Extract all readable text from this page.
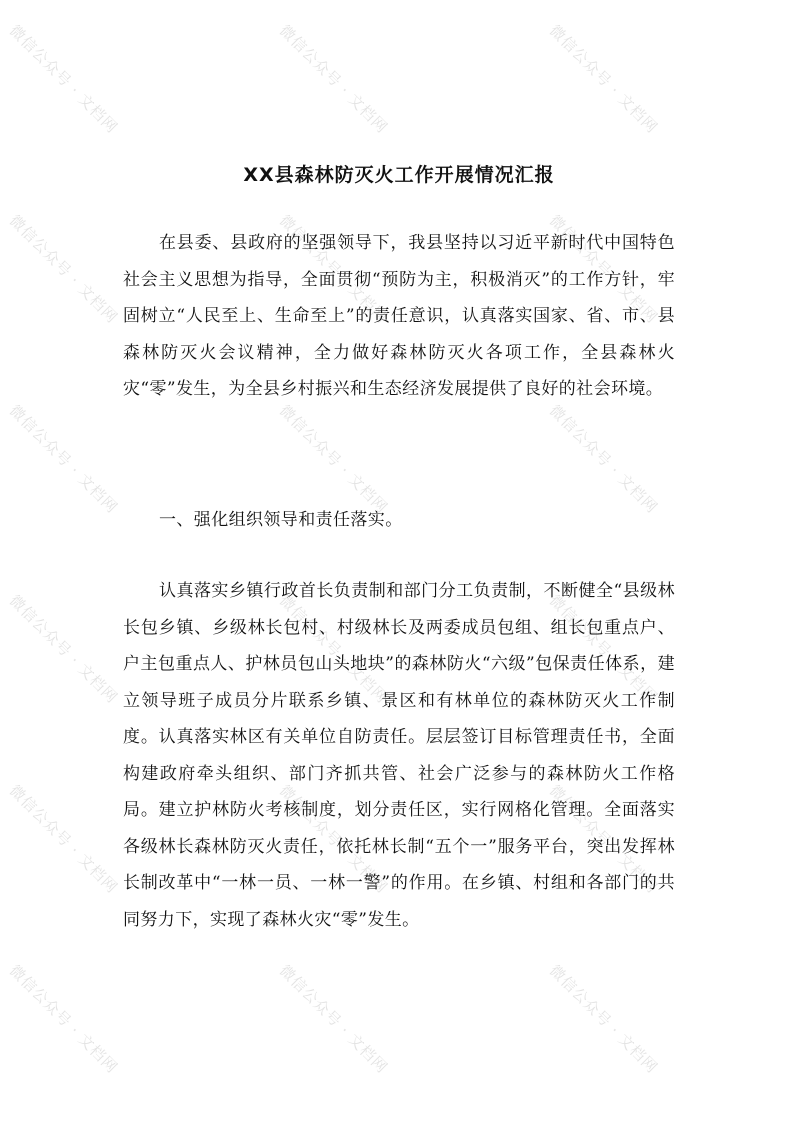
微信公众号 · 文档网	微信公众号 · 文档网	微信公众号 · 文档网
微信公众号 · 文档网	微信公众号 · 文档网	微信公众号 · 文档网
微信公众号 · 文档网	微信公众号 · 文档网	微信公众号 · 文档网
微信公众号 · 文档网	微信公众号 · 文档网	微信公众号 · 文档网
微信公众号 · 文档网	微信公众号 · 文档网	微信公众号 · 文档网
微信公众号 · 文档网	微信公众号 · 文档网	微信公众号 · 文档网
XX县森林防灭火工作开展情况汇报

在县委、县政府的坚强领导下，我县坚持以习近平新时代中国特色社会主义思想为指导，全面贯彻“预防为主，积极消灭”的工作方针，牢固树立“人民至上、生命至上”的责任意识，认真落实国家、省、市、县森林防灭火会议精神，全力做好森林防灭火各项工作，全县森林火灾“零”发生，为全县乡村振兴和生态经济发展提供了良好的社会环境。

一、强化组织领导和责任落实。

认真落实乡镇行政首长负责制和部门分工负责制，不断健全“县级林长包乡镇、乡级林长包村、村级林长及两委成员包组、组长包重点户、户主包重点人、护林员包山头地块”的森林防火“六级”包保责任体系，建立领导班子成员分片联系乡镇、景区和有林单位的森林防灭火工作制度。认真落实林区有关单位自防责任。层层签订目标管理责任书，全面构建政府牵头组织、部门齐抓共管、社会广泛参与的森林防火工作格局。建立护林防火考核制度，划分责任区，实行网格化管理。全面落实各级林长森林防灭火责任，依托林长制“五个一”服务平台，突出发挥林长制改革中“一林一员、一林一警”的作用。在乡镇、村组和各部门的共同努力下，实现了森林火灾“零”发生。
